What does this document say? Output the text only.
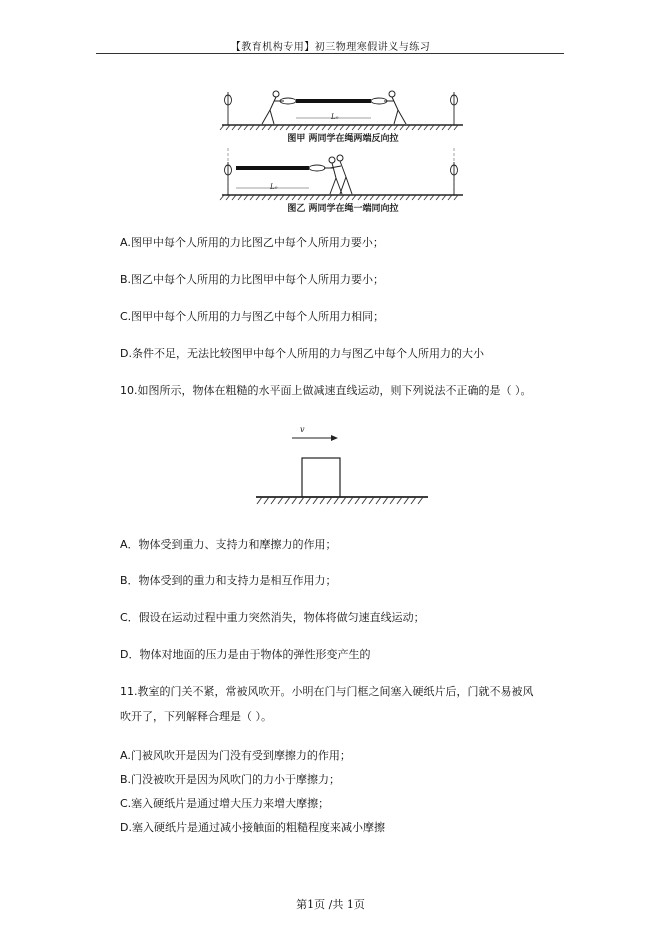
【教育机构专用】初三物理寒假讲义与练习
L₀
图甲 两同学在绳两端反向拉
L₀
图乙 两同学在绳一端同向拉
A.图甲中每个人所用的力比图乙中每个人所用力要小；
B.图乙中每个人所用的力比图甲中每个人所用力要小；
C.图甲中每个人所用的力与图乙中每个人所用力相同；
D.条件不足，无法比较图甲中每个人所用的力与图乙中每个人所用力的大小
10.如图所示，物体在粗糙的水平面上做减速直线运动，则下列说法不正确的是（ ）。
v
A．物体受到重力、支持力和摩擦力的作用；
B．物体受到的重力和支持力是相互作用力；
C．假设在运动过程中重力突然消失，物体将做匀速直线运动；
D．物体对地面的压力是由于物体的弹性形变产生的
11.教室的门关不紧，常被风吹开。小明在门与门框之间塞入硬纸片后，门就不易被风
吹开了，下列解释合理是（ ）。
A.门被风吹开是因为门没有受到摩擦力的作用；
B.门没被吹开是因为风吹门的力小于摩擦力；
C.塞入硬纸片是通过增大压力来增大摩擦；
D.塞入硬纸片是通过减小接触面的粗糙程度来减小摩擦
第1页 /共 1页
